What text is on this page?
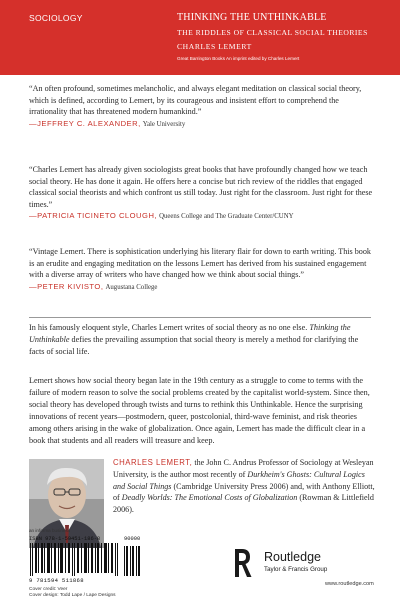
SOCIOLOGY	THINKING THE UNTHINKABLE
THE RIDDLES OF CLASSICAL SOCIAL THEORIES
CHARLES LEMERT
Great Barrington Books An imprint edited by Charles Lemert

“An often profound, sometimes melancholic, and always elegant meditation on classical social theory, which is defined, according to Lemert, by its courageous and insistent effort to comprehend the irrationality that has threatened modern humankind.”

—JEFFREY C. ALEXANDER, Yale University

“Charles Lemert has already given sociologists great books that have profoundly changed how we teach social theory. He has done it again. He offers here a concise but rich review of the riddles that engaged classical social theorists and which confront us still today. Just right for the classroom. Just right for these times.”

—PATRICIA TICINETO CLOUGH, Queens College and The Graduate Center/CUNY

“Vintage Lemert. There is sophistication underlying his literary flair for down to earth writing. This book is an erudite and engaging meditation on the lessons Lemert has derived from his sustained engagement with a diverse array of writers who have changed how we think about social things.”

—PETER KIVISTO, Augustana College

In his famously eloquent style, Charles Lemert writes of social theory as no one else. Thinking the Unthinkable defies the prevailing assumption that social theory is merely a method for clarifying the facts of social life.

Lemert shows how social theory began late in the 19th century as a struggle to come to terms with the failure of modern reason to solve the social problems created by the capitalist world-system. Since then, social theory has developed through twists and turns to rethink this Unthinkable. Hence the surprising innovations of recent years—postmodern, queer, postcolonial, third-wave feminist, and risk theories among others arising in the wake of globalization. Once again, Lemert has made the difficult clear in a book that students and all readers will treasure and keep.

CHARLES LEMERT, the John C. Andrus Professor of Sociology at Wesleyan University, is the author most recently of Durkheim's Ghosts: Cultural Logics and Social Things (Cambridge University Press 2006) and, with Anthony Elliott, of Deadly Worlds: The Emotional Costs of Globalization (Rowman & Littlefield 2006).

an informa business
ISBN 978-1-59451-186-8	90000
9 781594 511868
Cover credit: Veer
Cover design: Todd Lape / Lape Designs
Routledge
Taylor & Francis Group
www.routledge.com
